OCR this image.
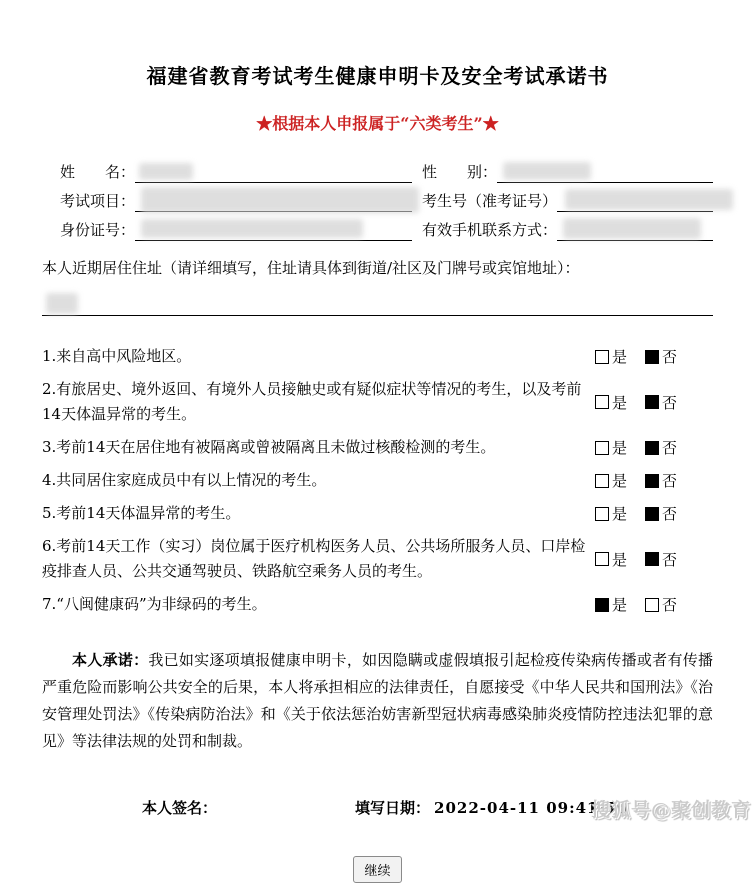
福建省教育考试考生健康申明卡及安全考试承诺书
★根据本人申报属于“六类考生”★
姓　　名：	性　　别：
考试项目：	考生号（准考证号）
身份证号：	有效手机联系方式：
本人近期居住住址（请详细填写，住址请具体到街道/社区及门牌号或宾馆地址）：
1.来自高中风险地区。	是 否
2.有旅居史、境外返回、有境外人员接触史或有疑似症状等情况的考生，以及考前14天体温异常的考生。
是 否
3.考前14天在居住地有被隔离或曾被隔离且未做过核酸检测的考生。	是 否
4.共同居住家庭成员中有以上情况的考生。	是 否
5.考前14天体温异常的考生。	是 否
6.考前14天工作（实习）岗位属于医疗机构医务人员、公共场所服务人员、口岸检疫排查人员、公共交通驾驶员、铁路航空乘务人员的考生。
是 否
7.“八闽健康码”为非绿码的考生。	是 否
本人承诺：我已如实逐项填报健康申明卡，如因隐瞒或虚假填报引起检疫传染病传播或者有传播严重危险而影响公共安全的后果，本人将承担相应的法律责任，自愿接受《中华人民共和国刑法》《治安管理处罚法》《传染病防治法》和《关于依法惩治妨害新型冠状病毒感染肺炎疫情防控违法犯罪的意见》等法律法规的处罚和制裁。
本人签名：	填写日期： 2022-04-11 09:41:56
继续
搜狐号@聚创教育
